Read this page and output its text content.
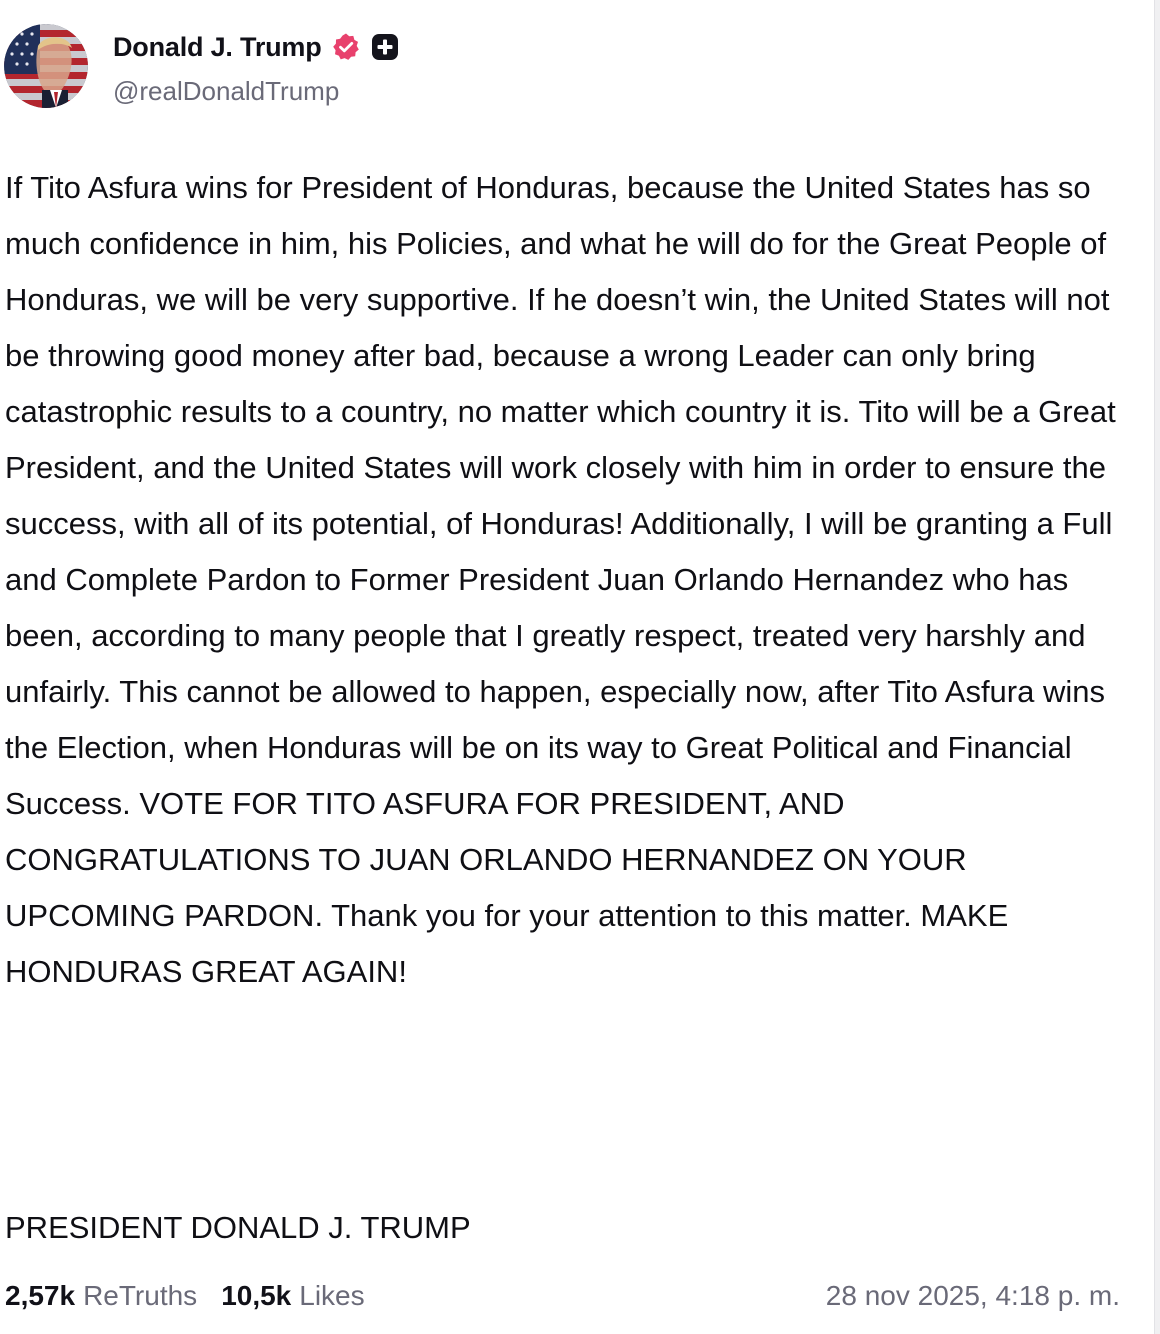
Donald J. Trump
@realDonaldTrump

If Tito Asfura wins for President of Honduras, because the United States has so much confidence in him, his Policies, and what he will do for the Great People of Honduras, we will be very supportive. If he doesn’t win, the United States will not be throwing good money after bad, because a wrong Leader can only bring catastrophic results to a country, no matter which country it is. Tito will be a Great President, and the United States will work closely with him in order to ensure the success, with all of its potential, of Honduras! Additionally, I will be granting a Full and Complete Pardon to Former President Juan Orlando Hernandez who has been, according to many people that I greatly respect, treated very harshly and unfairly. This cannot be allowed to happen, especially now, after Tito Asfura wins the Election, when Honduras will be on its way to Great Political and Financial Success. VOTE FOR TITO ASFURA FOR PRESIDENT, AND CONGRATULATIONS TO JUAN ORLANDO HERNANDEZ ON YOUR UPCOMING PARDON. Thank you for your attention to this matter. MAKE HONDURAS GREAT AGAIN!

PRESIDENT DONALD J. TRUMP

2,57k ReTruths 10,5k Likes	28 nov 2025, 4:18 p. m.
